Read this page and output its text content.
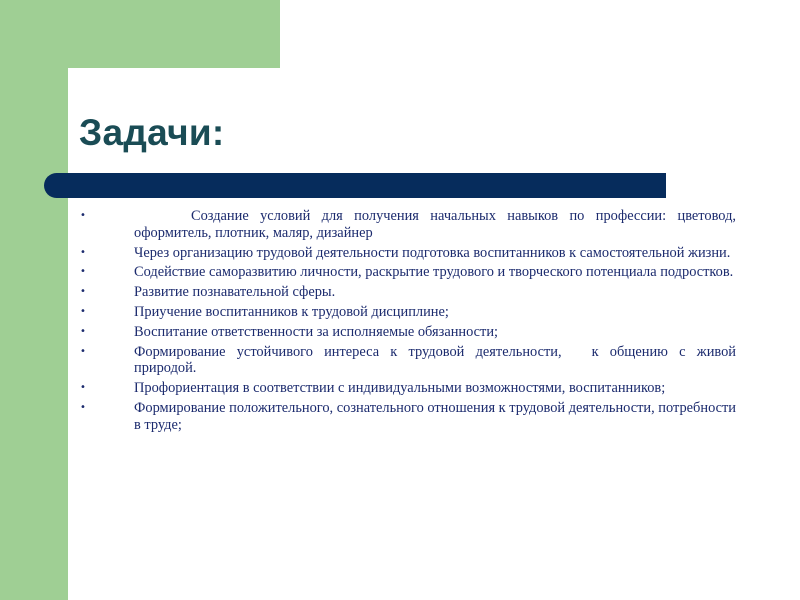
Задачи:
•	Создание условий для получения начальных навыков по профессии: цветовод, оформитель, плотник, маляр, дизайнер
•	Через организацию трудовой деятельности подготовка воспитанников к самостоятельной жизни.
•	Содействие саморазвитию личности, раскрытие трудового и творческого потенциала подростков.
•	Развитие познавательной сферы.
•	Приучение воспитанников к трудовой дисциплине;
•	Воспитание ответственности за исполняемые обязанности;
•	Формирование устойчивого интереса к трудовой деятельности, к общению с живой природой.
•	Профориентация в соответствии с индивидуальными возможностями, воспитанников;
•	Формирование положительного, сознательного отношения к трудовой деятельности, потребности в труде;
